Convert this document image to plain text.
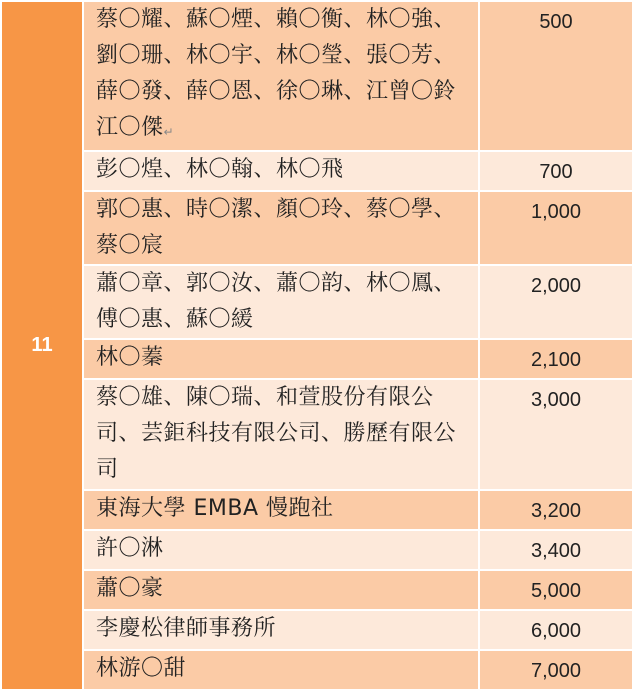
11	蔡〇耀、蘇〇煙、賴〇衡、林〇強、劉〇珊、林〇宇、林〇瑩、張〇芳、薛〇發、薛〇恩、徐〇琳、江曾〇鈴江〇傑↵	500
	彭〇煌、林〇翰、林〇飛	700
	郭〇惠、時〇潔、顏〇玲、蔡〇學、蔡〇宸	1,000
	蕭〇章、郭〇汝、蕭〇韵、林〇鳳、傅〇惠、蘇〇緩	2,000
	林〇蓁	2,100
	蔡〇雄、陳〇瑞、和萱股份有限公司、芸鉅科技有限公司、勝歷有限公司	3,000
	東海大學 EMBA 慢跑社	3,200
	許〇淋	3,400
	蕭〇豪	5,000
	李慶松律師事務所	6,000
	林游〇甜	7,000
